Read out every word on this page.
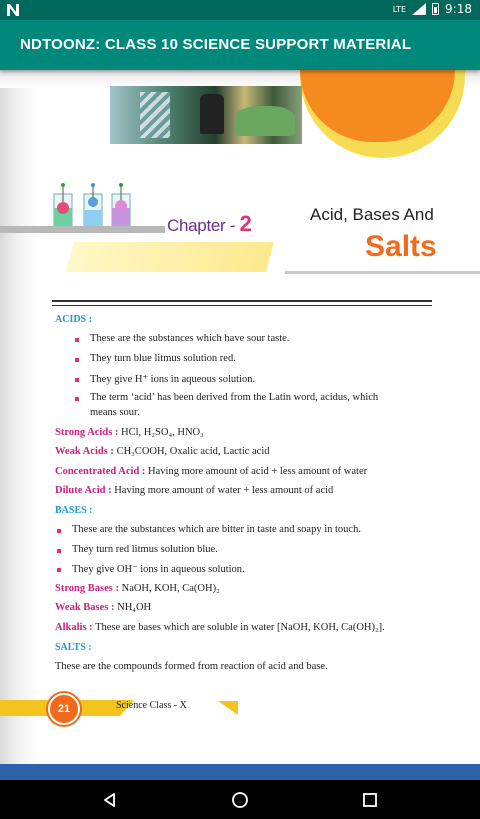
LTE	9:18
NDTOONZ: CLASS 10 SCIENCE SUPPORT MATERIAL
Chapter - 2	Acid, Bases And
Salts
ACIDS :
These are the substances which have sour taste.
They turn blue litmus solution red.
They give H⁺ ions in aqueous solution.
The term ‘acid’ has been derived from the Latin word, acidus, which
means sour.
Strong Acids : HCl, H₂SO₄, HNO₃
Weak Acids : CH₃COOH, Oxalic acid, Lactic acid
Concentrated Acid : Having more amount of acid + less amount of water
Dilute Acid : Having more amount of water + less amount of acid
BASES :
These are the substances which are bitter in taste and soapy in touch.
They turn red litmus solution blue.
They give OH⁻ ions in aqueous solution.
Strong Bases : NaOH, KOH, Ca(OH)₂
Weak Bases : NH₄OH
Alkalis : These are bases which are soluble in water [NaOH, KOH, Ca(OH)₂].
SALTS :
These are the compounds formed from reaction of acid and base.
21	Science Class - X
